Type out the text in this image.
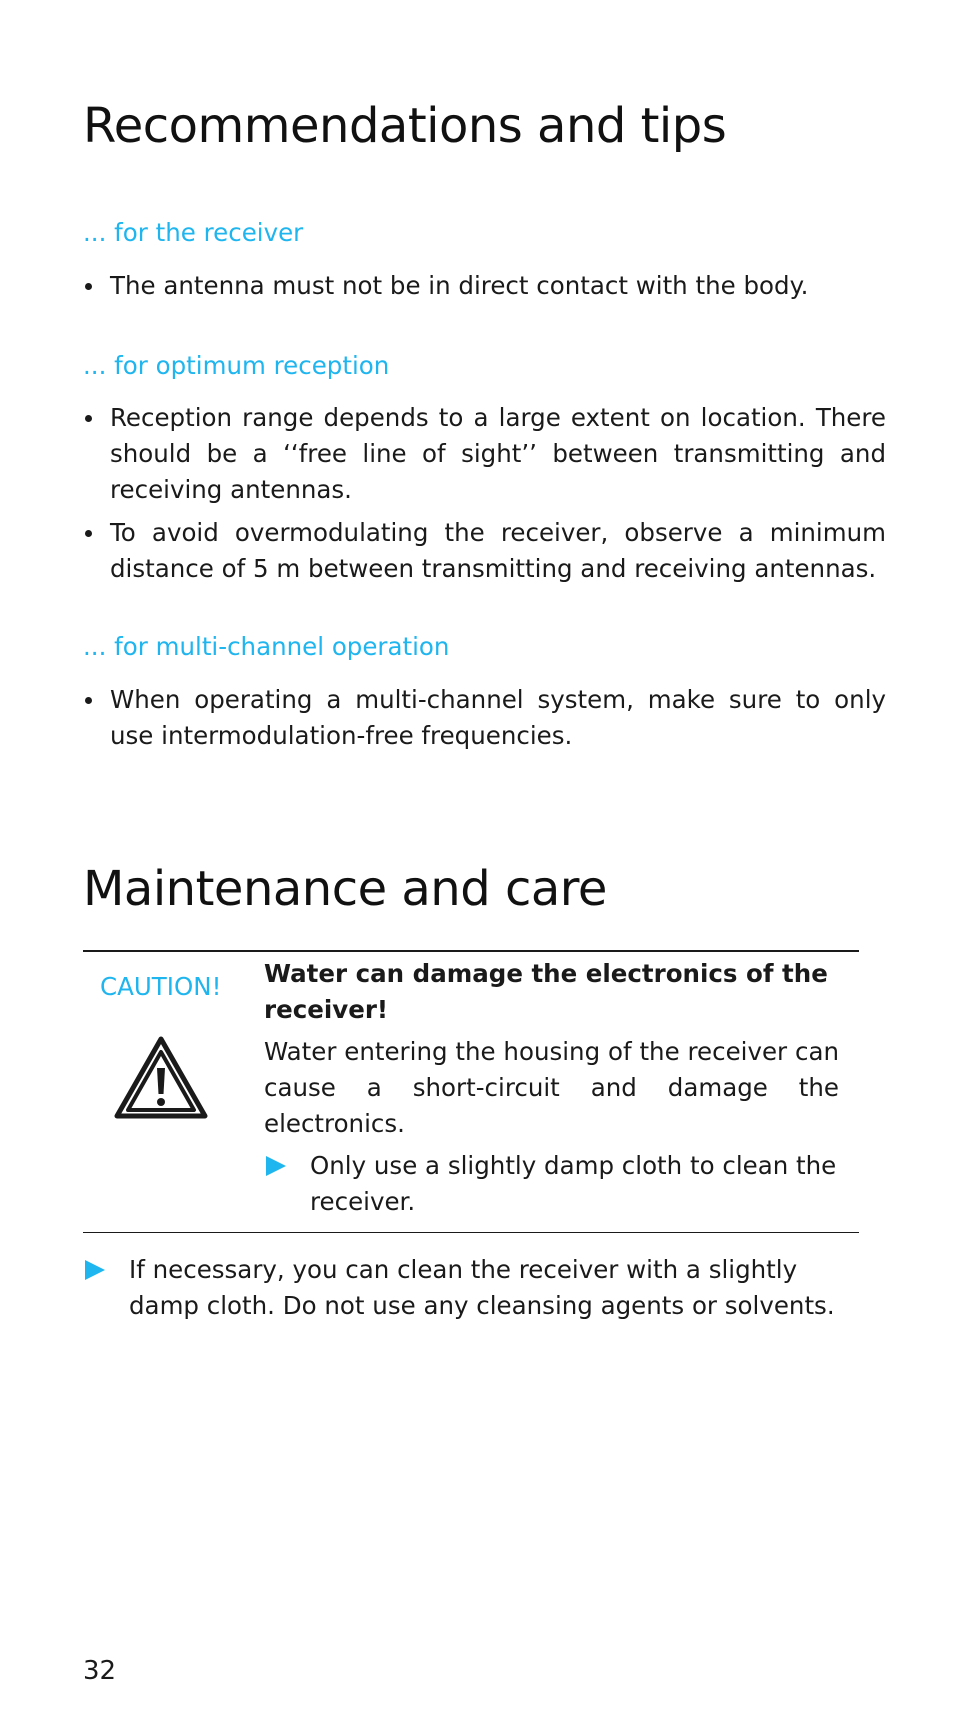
Recommendations and tips
... for the receiver
The antenna must not be in direct contact with the body.
... for optimum reception
Reception range depends to a large extent on location. There should be a ‘‘free line of sight’’ between transmitting and receiving antennas.
To avoid overmodulating the receiver, observe a minimum distance of 5 m between transmitting and receiving antennas.
... for multi-channel operation
When operating a multi-channel system, make sure to only use intermodulation-free frequencies.
Maintenance and care
CAUTION! Water can damage the electronics of the receiver!

Water entering the housing of the receiver can cause a short-circuit and damage the electronics.

Only use a slightly damp cloth to clean the receiver.
If necessary, you can clean the receiver with a slightly damp cloth. Do not use any cleansing agents or solvents.
32
